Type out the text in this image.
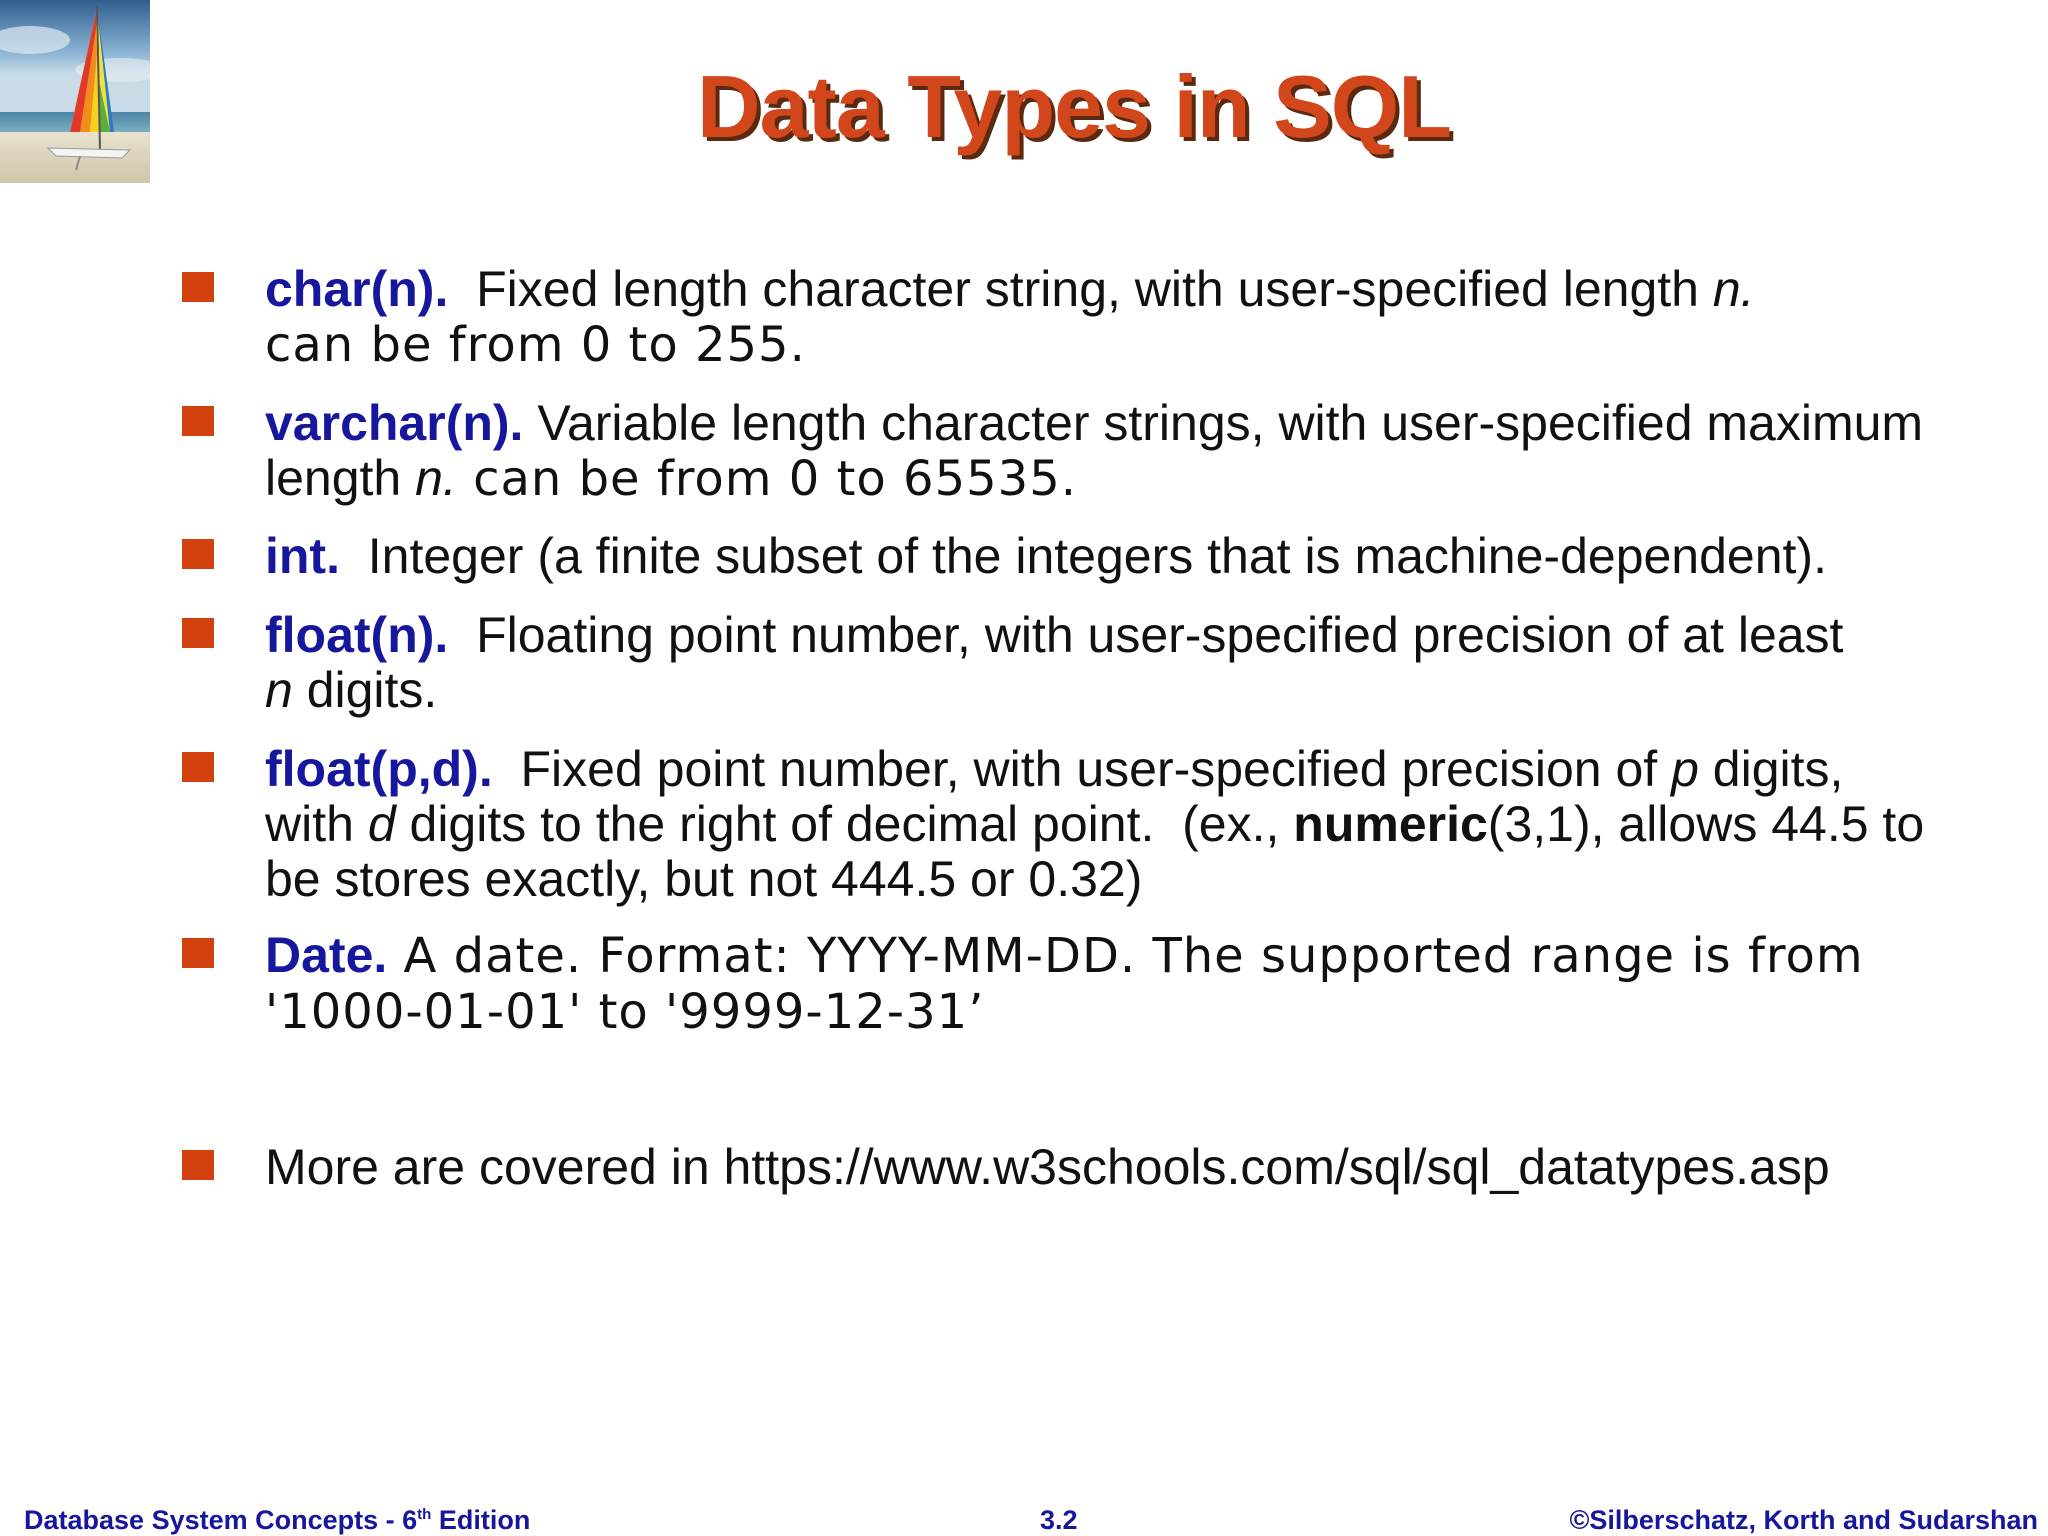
Data Types in SQL
char(n).  Fixed length character string, with user-specified length n.
can be from 0 to 255.
varchar(n). Variable length character strings, with user-specified maximum length n. can be from 0 to 65535.
int.  Integer (a finite subset of the integers that is machine-dependent).
float(n).  Floating point number, with user-specified precision of at least
n digits.
float(p,d).  Fixed point number, with user-specified precision of p digits, with d digits to the right of decimal point.  (ex., numeric(3,1), allows 44.5 to be stores exactly, but not 444.5 or 0.32)
Date. A date. Format: YYYY-MM-DD. The supported range is from '1000-01-01' to '9999-12-31’
More are covered in https://www.w3schools.com/sql/sql_datatypes.asp
Database System Concepts - 6th Edition	3.2	©Silberschatz, Korth and Sudarshan
